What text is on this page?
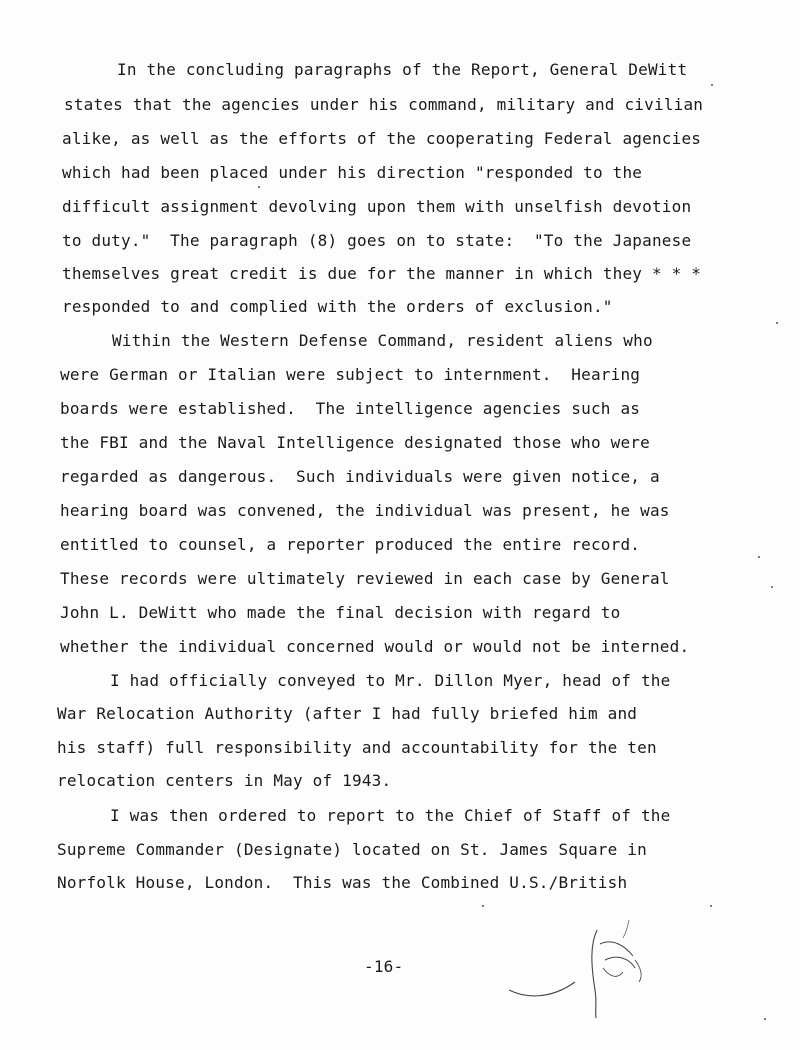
In the concluding paragraphs of the Report, General DeWitt
states that the agencies under his command, military and civilian
alike, as well as the efforts of the cooperating Federal agencies
which had been placed under his direction "responded to the
difficult assignment devolving upon them with unselfish devotion
to duty."  The paragraph (8) goes on to state:  "To the Japanese
themselves great credit is due for the manner in which they * * *
responded to and complied with the orders of exclusion."
Within the Western Defense Command, resident aliens who
were German or Italian were subject to internment.  Hearing
boards were established.  The intelligence agencies such as
the FBI and the Naval Intelligence designated those who were
regarded as dangerous.  Such individuals were given notice, a
hearing board was convened, the individual was present, he was
entitled to counsel, a reporter produced the entire record.
These records were ultimately reviewed in each case by General
John L. DeWitt who made the final decision with regard to
whether the individual concerned would or would not be interned.
I had officially conveyed to Mr. Dillon Myer, head of the
War Relocation Authority (after I had fully briefed him and
his staff) full responsibility and accountability for the ten
relocation centers in May of 1943.
I was then ordered to report to the Chief of Staff of the
Supreme Commander (Designate) located on St. James Square in
Norfolk House, London.  This was the Combined U.S./British
-16-
